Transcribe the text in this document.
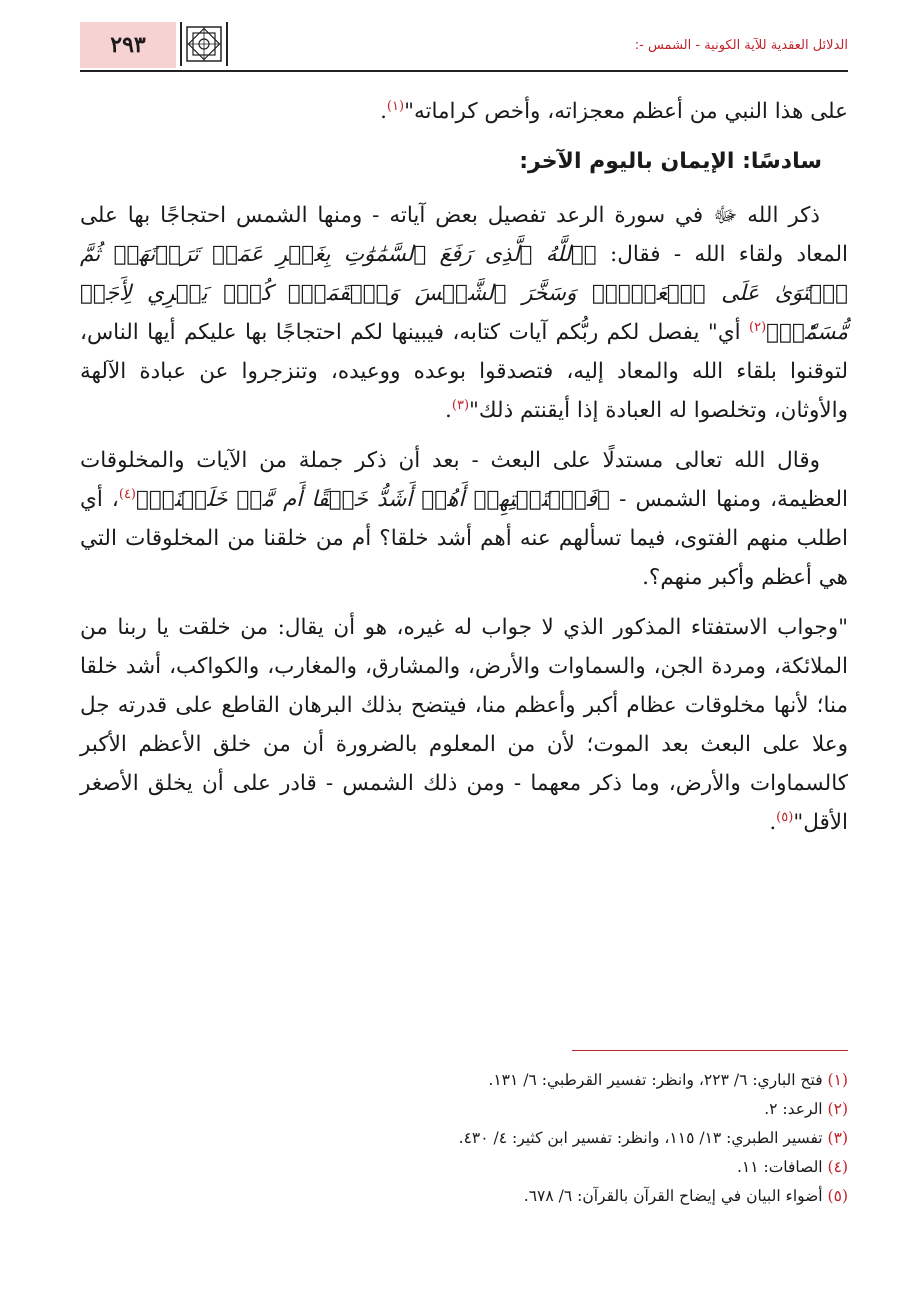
الدلائل العقدية للآية الكونية - الشمس -:
٢٩٣

على هذا النبي من أعظم معجزاته، وأخص كراماته"$^{(١)}$.

سادسًا: الإيمان باليوم الآخر:

ذكر الله ﷻ في سورة الرعد تفصيل بعض آياته - ومنها الشمس احتجاجًا بها على المعاد ولقاء الله - فقال: ﴿ٱللَّهُ ٱلَّذِى رَفَعَ ٱلسَّمَٰوَٰتِ بِغَيۡرِ عَمَدٖ تَرَوۡنَهَاۖ ثُمَّ ٱسۡتَوَىٰ عَلَى ٱلۡعَرۡشِۖ وَسَخَّرَ ٱلشَّمۡسَ وَٱلۡقَمَرَۖ كُلّٞ يَجۡرِي لِأَجَلٖ مُّسَمّٗىۚ﴾$^{(٢)}$ أي" يفصل لكم ربُّكم آيات كتابه، فيبينها لكم احتجاجًا بها عليكم أيها الناس، لتوقنوا بلقاء الله والمعاد إليه، فتصدقوا بوعده ووعيده، وتنزجروا عن عبادة الآلهة والأوثان، وتخلصوا له العبادة إذا أيقنتم ذلك"$^{(٣)}$.

وقال الله تعالى مستدلًا على البعث - بعد أن ذكر جملة من الآيات والمخلوقات العظيمة، ومنها الشمس - ﴿فَٱسۡتَفۡتِهِمۡ أَهُمۡ أَشَدُّ خَلۡقًا أَم مَّنۡ خَلَقۡنَآۚ﴾$^{(٤)}$، أي اطلب منهم الفتوى، فيما تسألهم عنه أهم أشد خلقا؟ أم من خلقنا من المخلوقات التي هي أعظم وأكبر منهم؟.

"وجواب الاستفتاء المذكور الذي لا جواب له غيره، هو أن يقال: من خلقت يا ربنا من الملائكة، ومردة الجن، والسماوات والأرض، والمشارق، والمغارب، والكواكب، أشد خلقا منا؛ لأنها مخلوقات عظام أكبر وأعظم منا، فيتضح بذلك البرهان القاطع على قدرته جل وعلا على البعث بعد الموت؛ لأن من المعلوم بالضرورة أن من خلق الأعظم الأكبر كالسماوات والأرض، وما ذكر معهما - ومن ذلك الشمس - قادر على أن يخلق الأصغر الأقل"$^{(٥)}$.

(١) فتح الباري: ٦/ ٢٢٣، وانظر: تفسير القرطبي: ٦/ ١٣١.
(٢) الرعد: ٢.
(٣) تفسير الطبري: ١٣/ ١١٥، وانظر: تفسير ابن كثير: ٤/ ٤٣٠.
(٤) الصافات: ١١.
(٥) أضواء البيان في إيضاح القرآن بالقرآن: ٦/ ٦٧٨.
